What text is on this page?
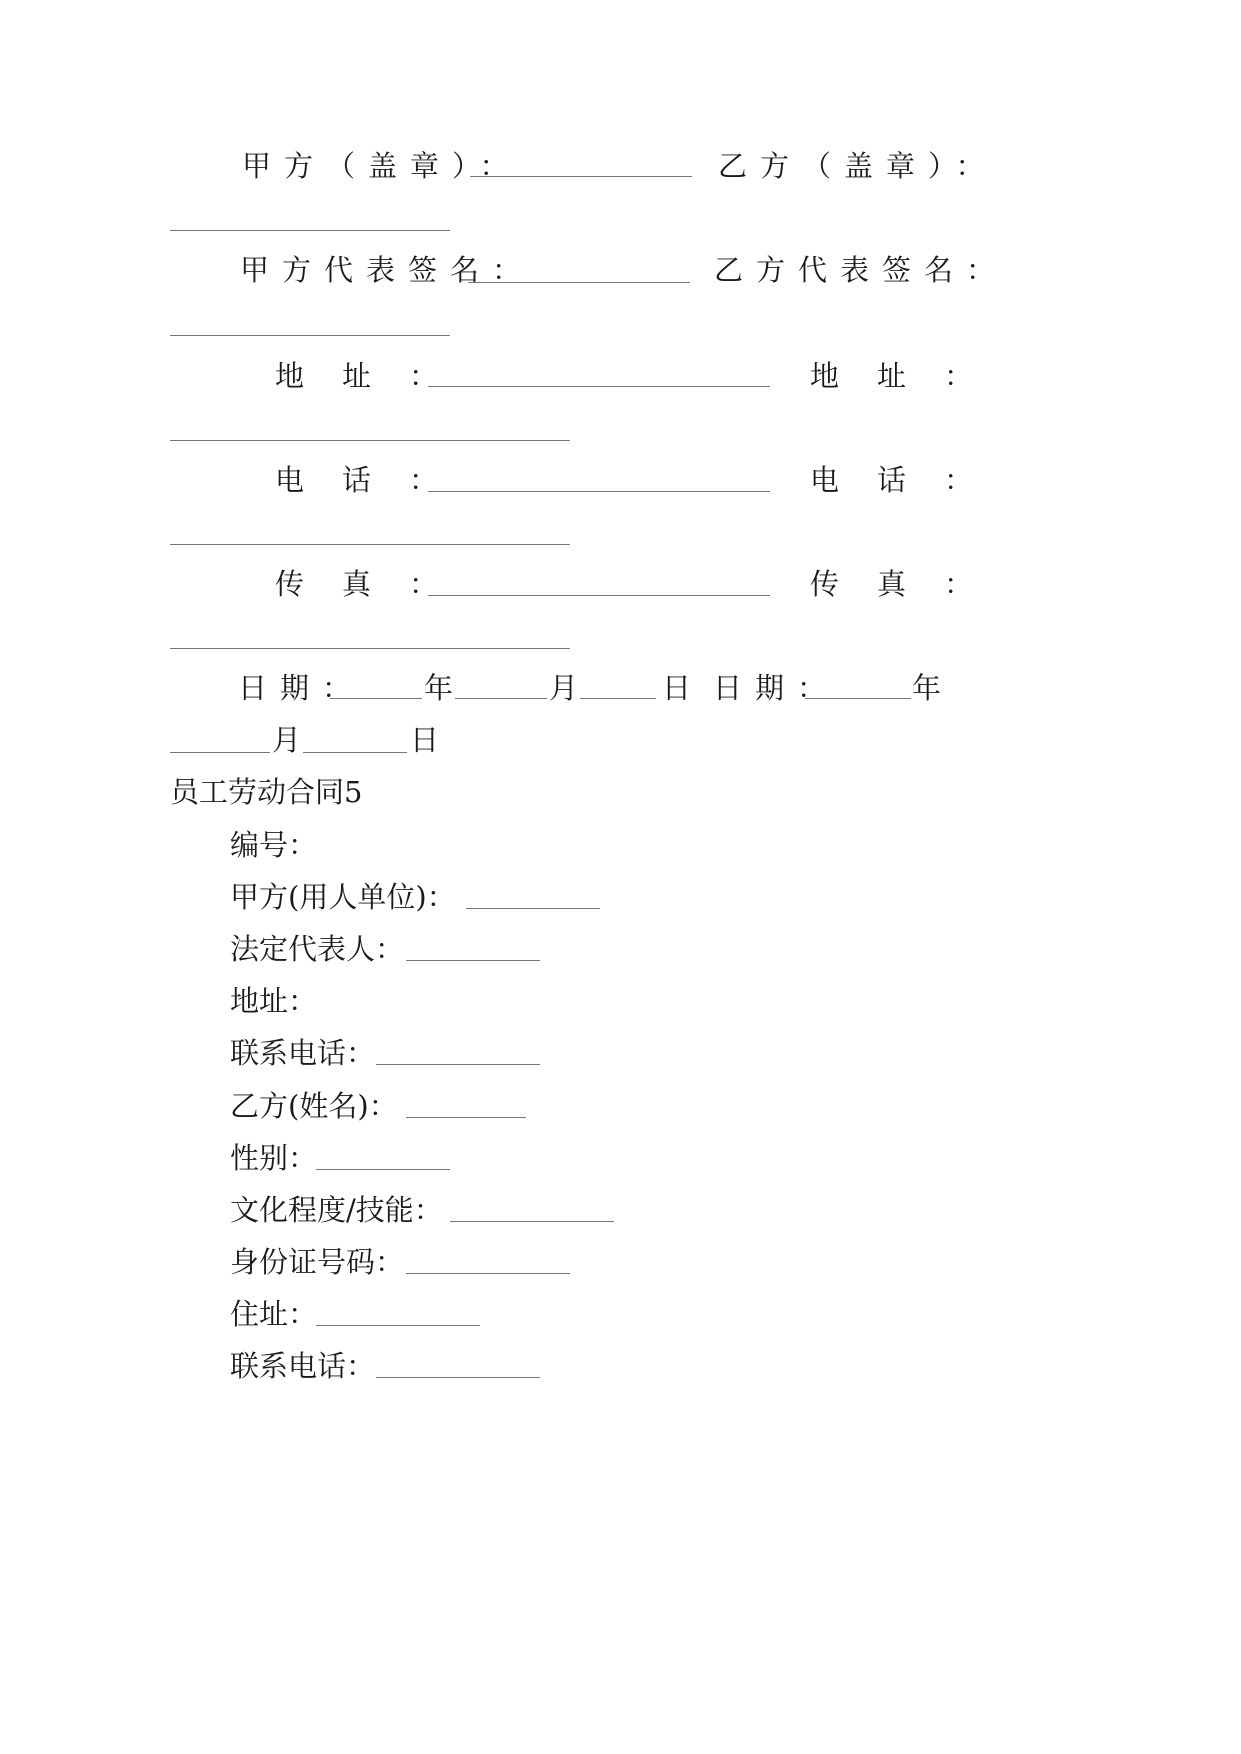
甲方（盖章）：	乙方（盖章）：
甲方代表签名：	乙方代表签名：
地址：	地址：
电话：	电话：
传真：	传真：
日期： 年	月	日 日期：	年
月	日
员工劳动合同5
编号：
甲方(用人单位)：
法定代表人：
地址：
联系电话：
乙方(姓名)：
性别：
文化程度/技能：
身份证号码：
住址：
联系电话：
